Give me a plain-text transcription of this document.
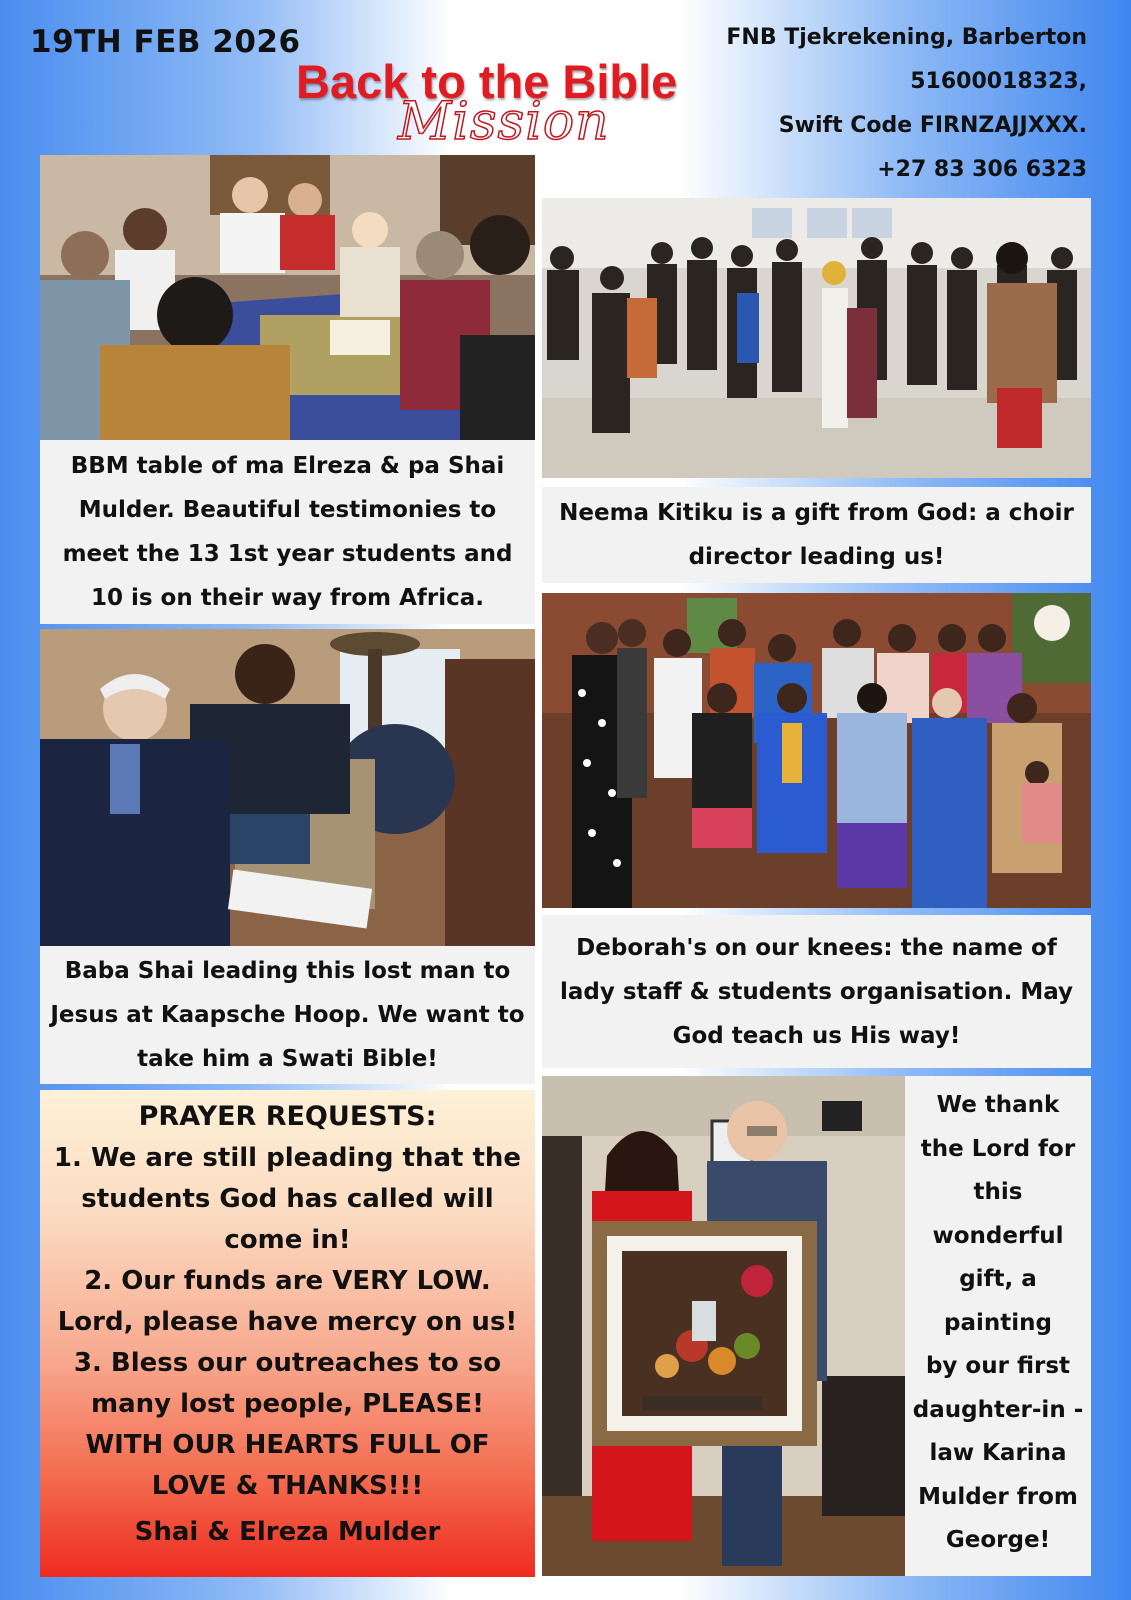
19TH FEB 2026
Back to the Bible
Mission
FNB Tjekrekening, Barberton
51600018323,
Swift Code FIRNZAJJXXX.
+27 83 306 6323
BBM table of ma Elreza & pa Shai Mulder. Beautiful testimonies to meet the 13 1st year students and 10 is on their way from Africa.
Neema Kitiku is a gift from God: a choir director leading us!
Baba Shai leading this lost man to Jesus at Kaapsche Hoop. We want to take him a Swati Bible!
Deborah's on our knees: the name of lady staff & students organisation. May God teach us His way!
PRAYER REQUESTS:
1. We are still pleading that the students God has called will come in!
2. Our funds are VERY LOW. Lord, please have mercy on us!
3. Bless our outreaches to so many lost people, PLEASE!
WITH OUR HEARTS FULL OF LOVE & THANKS!!!
Shai & Elreza Mulder
We thank
the Lord for
this
wonderful
gift, a
painting
by our first
daughter-in -
law Karina
Mulder from
George!
